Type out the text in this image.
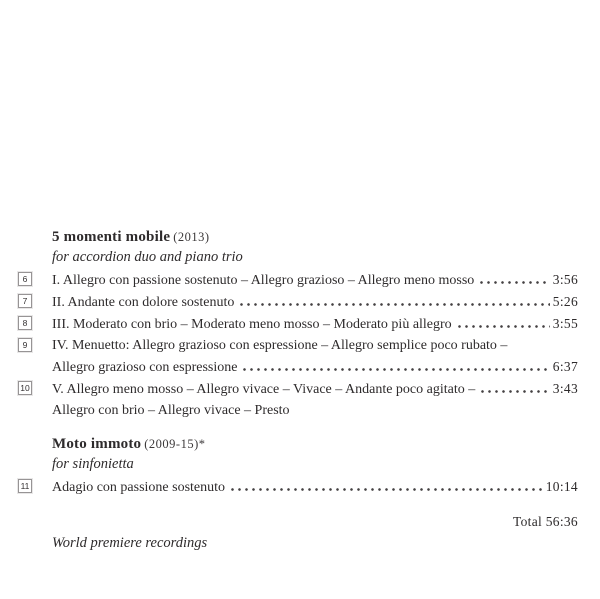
5 momenti mobile (2013)
for accordion duo and piano trio
6	I. Allegro con passione sostenuto – Allegro grazioso – Allegro meno mosso	3:56
7	II. Andante con dolore sostenuto	5:26
8	III. Moderato con brio – Moderato meno mosso – Moderato più allegro	3:55
9	IV. Menuetto: Allegro grazioso con espressione – Allegro semplice poco rubato –
Allegro grazioso con espressione	6:37
10 V. Allegro meno mosso – Allegro vivace – Vivace – Andante poco agitato –	3:43
Allegro con brio – Allegro vivace – Presto
Moto immoto (2009-15)*
for sinfonietta
11 Adagio con passione sostenuto	10:14
Total 56:36
World premiere recordings
